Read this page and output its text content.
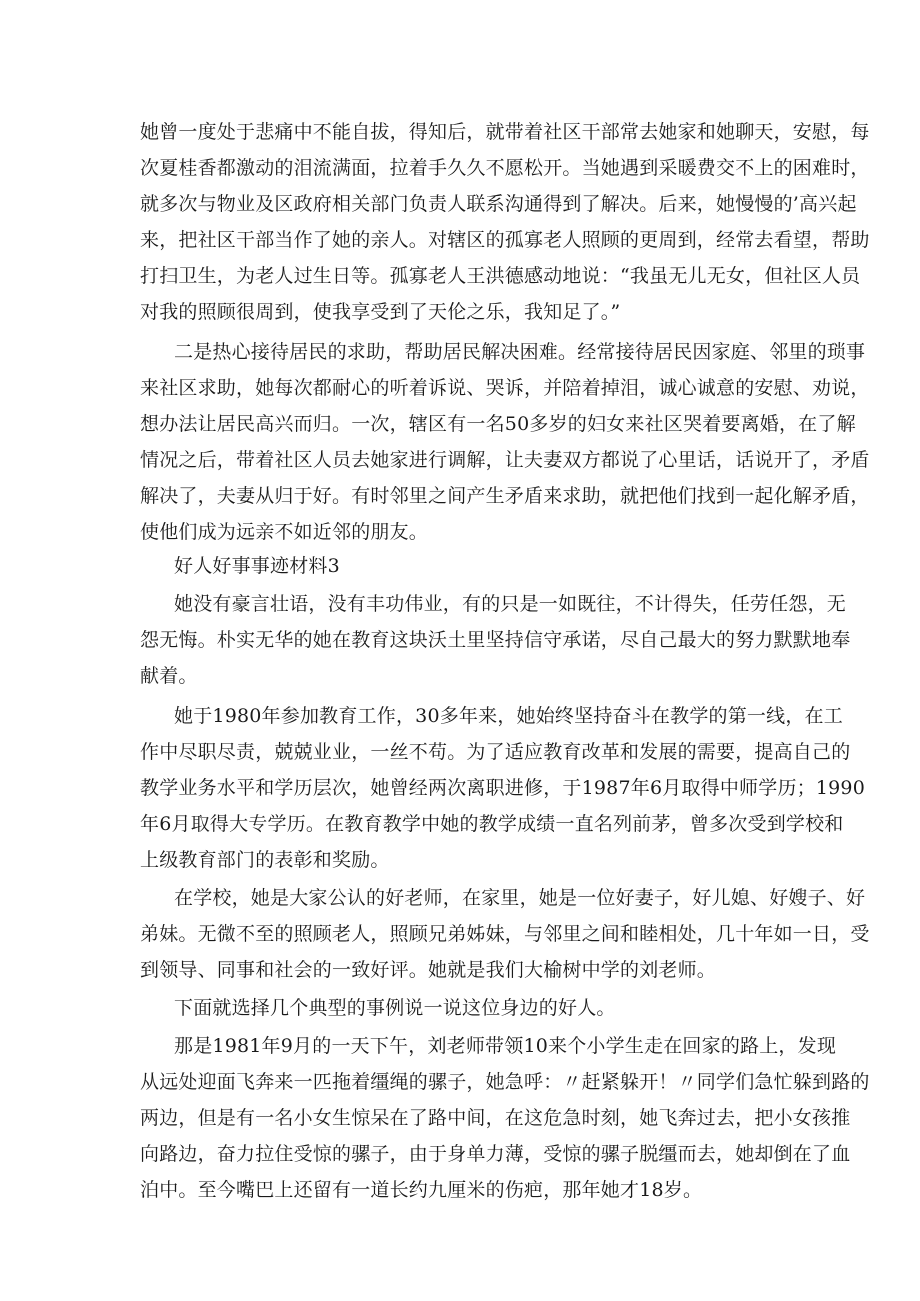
她曾一度处于悲痛中不能自拔，得知后，就带着社区干部常去她家和她聊天，安慰，每
次夏桂香都激动的泪流满面，拉着手久久不愿松开。当她遇到采暖费交不上的困难时，
就多次与物业及区政府相关部门负责人联系沟通得到了解决。后来，她慢慢的’高兴起
来，把社区干部当作了她的亲人。对辖区的孤寡老人照顾的更周到，经常去看望，帮助
打扫卫生，为老人过生日等。孤寡老人王洪德感动地说：“我虽无儿无女，但社区人员
对我的照顾很周到，使我享受到了天伦之乐，我知足了。”
二是热心接待居民的求助，帮助居民解决困难。经常接待居民因家庭、邻里的琐事
来社区求助，她每次都耐心的听着诉说、哭诉，并陪着掉泪，诚心诚意的安慰、劝说，
想办法让居民高兴而归。一次，辖区有一名50多岁的妇女来社区哭着要离婚，在了解
情况之后，带着社区人员去她家进行调解，让夫妻双方都说了心里话，话说开了，矛盾
解决了，夫妻从归于好。有时邻里之间产生矛盾来求助，就把他们找到一起化解矛盾，
使他们成为远亲不如近邻的朋友。
好人好事事迹材料3
她没有豪言壮语，没有丰功伟业，有的只是一如既往，不计得失，任劳任怨，无
怨无悔。朴实无华的她在教育这块沃土里坚持信守承诺，尽自己最大的努力默默地奉
献着。
她于1980年参加教育工作，30多年来，她始终坚持奋斗在教学的第一线，在工
作中尽职尽责，兢兢业业，一丝不苟。为了适应教育改革和发展的需要，提高自己的
教学业务水平和学历层次，她曾经两次离职进修，于1987年6月取得中师学历；1990
年6月取得大专学历。在教育教学中她的教学成绩一直名列前茅，曾多次受到学校和
上级教育部门的表彰和奖励。
在学校，她是大家公认的好老师，在家里，她是一位好妻子，好儿媳、好嫂子、好
弟妹。无微不至的照顾老人，照顾兄弟姊妹，与邻里之间和睦相处，几十年如一日，受
到领导、同事和社会的一致好评。她就是我们大榆树中学的刘老师。
下面就选择几个典型的事例说一说这位身边的好人。
那是1981年9月的一天下午，刘老师带领10来个小学生走在回家的路上，发现
从远处迎面飞奔来一匹拖着缰绳的骡子，她急呼：〃赶紧躲开！〃同学们急忙躲到路的
两边，但是有一名小女生惊呆在了路中间，在这危急时刻，她飞奔过去，把小女孩推
向路边，奋力拉住受惊的骡子，由于身单力薄，受惊的骡子脱缰而去，她却倒在了血
泊中。至今嘴巴上还留有一道长约九厘米的伤疤，那年她才18岁。
